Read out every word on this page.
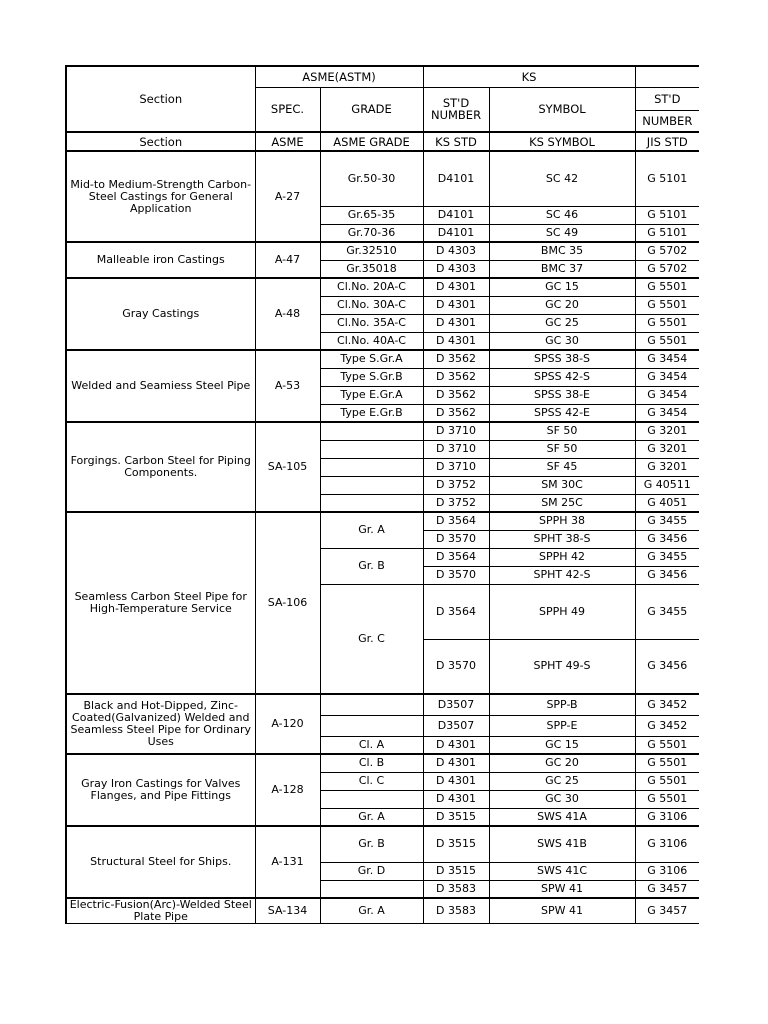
Section	ASME(ASTM)		KS		
	SPEC.	GRADE	ST'D NUMBER	SYMBOL	ST'D
					NUMBER
Section	ASME	ASME GRADE	KS STD	KS SYMBOL	JIS STD
Mid-to Medium-Strength Carbon-Steel Castings for General Application	A-27	Gr.50-30	D4101	SC 42	G 5101
		Gr.65-35	D4101	SC 46	G 5101
		Gr.70-36	D4101	SC 49	G 5101
Malleable iron Castings	A-47	Gr.32510	D 4303	BMC 35	G 5702
		Gr.35018	D 4303	BMC 37	G 5702
Gray Castings	A-48	Cl.No. 20A-C	D 4301	GC 15	G 5501
		Cl.No. 30A-C	D 4301	GC 20	G 5501
		Cl.No. 35A-C	D 4301	GC 25	G 5501
		Cl.No. 40A-C	D 4301	GC 30	G 5501
Welded and Seamiess Steel Pipe	A-53	Type S.Gr.A	D 3562	SPSS 38-S	G 3454
		Type S.Gr.B	D 3562	SPSS 42-S	G 3454
		Type E.Gr.A	D 3562	SPSS 38-E	G 3454
		Type E.Gr.B	D 3562	SPSS 42-E	G 3454
Forgings. Carbon Steel for Piping Components.	SA-105		D 3710	SF 50	G 3201
			D 3710	SF 50	G 3201
			D 3710	SF 45	G 3201
			D 3752	SM 30C	G 40511
			D 3752	SM 25C	G 4051
Seamless Carbon Steel Pipe for High-Temperature Service	SA-106	Gr. A	D 3564	SPPH 38	G 3455
			D 3570	SPHT 38-S	G 3456
		Gr. B	D 3564	SPPH 42	G 3455
			D 3570	SPHT 42-S	G 3456
		Gr. C	D 3564	SPPH 49	G 3455
			D 3570	SPHT 49-S	G 3456
Black and Hot-Dipped, Zinc-Coated(Galvanized) Welded and Seamless Steel Pipe for Ordinary Uses	A-120		D3507	SPP-B	G 3452
			D3507	SPP-E	G 3452
		Cl. A	D 4301	GC 15	G 5501
Gray Iron Castings for Valves Flanges, and Pipe Fittings	A-128	Cl. B	D 4301	GC 20	G 5501
		Cl. C	D 4301	GC 25	G 5501
			D 4301	GC 30	G 5501
		Gr. A	D 3515	SWS 41A	G 3106
Structural Steel for Ships.	A-131	Gr. B	D 3515	SWS 41B	G 3106
		Gr. D	D 3515	SWS 41C	G 3106
			D 3583	SPW 41	G 3457
Electric-Fusion(Arc)-Welded Steel Plate Pipe	SA-134	Gr. A	D 3583	SPW 41	G 3457
